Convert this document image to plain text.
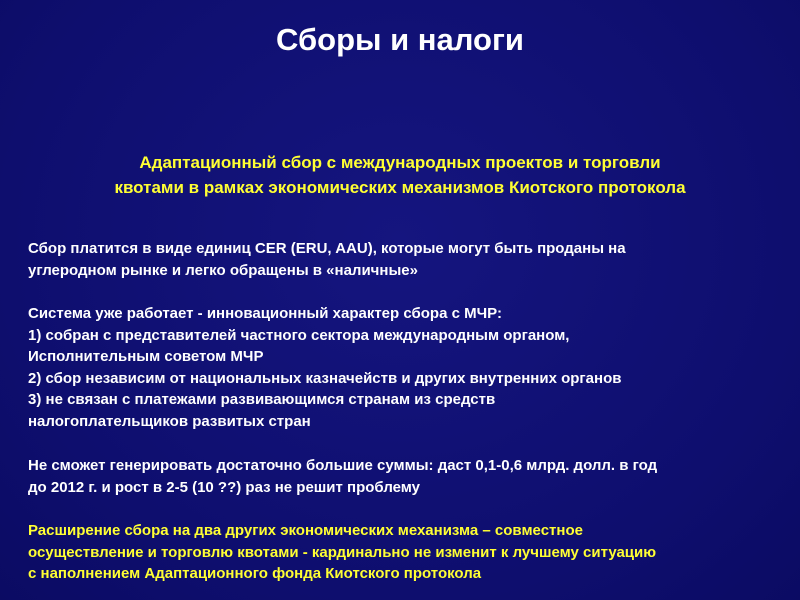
Сборы и налоги
Адаптационный сбор с международных проектов и торговли
квотами в рамках экономических механизмов Киотского протокола
Сбор платится в виде единиц CER (ERU, AAU), которые могут быть проданы на
углеродном рынке и легко обращены в «наличные»
Система уже работает - инновационный характер сбора с МЧР:
1) собран с представителей частного сектора международным органом,
Исполнительным советом МЧР
2) сбор независим от национальных казначейств и других внутренних органов
3) не связан с платежами развивающимся странам из средств
налогоплательщиков развитых стран
Не сможет генерировать достаточно большие суммы: даст 0,1-0,6 млрд. долл. в год
до 2012 г. и рост в 2-5 (10 ??) раз не решит проблему
Расширение сбора на два других экономических механизма – совместное
осуществление и торговлю квотами - кардинально не изменит к лучшему ситуацию
с наполнением Адаптационного фонда Киотского протокола
